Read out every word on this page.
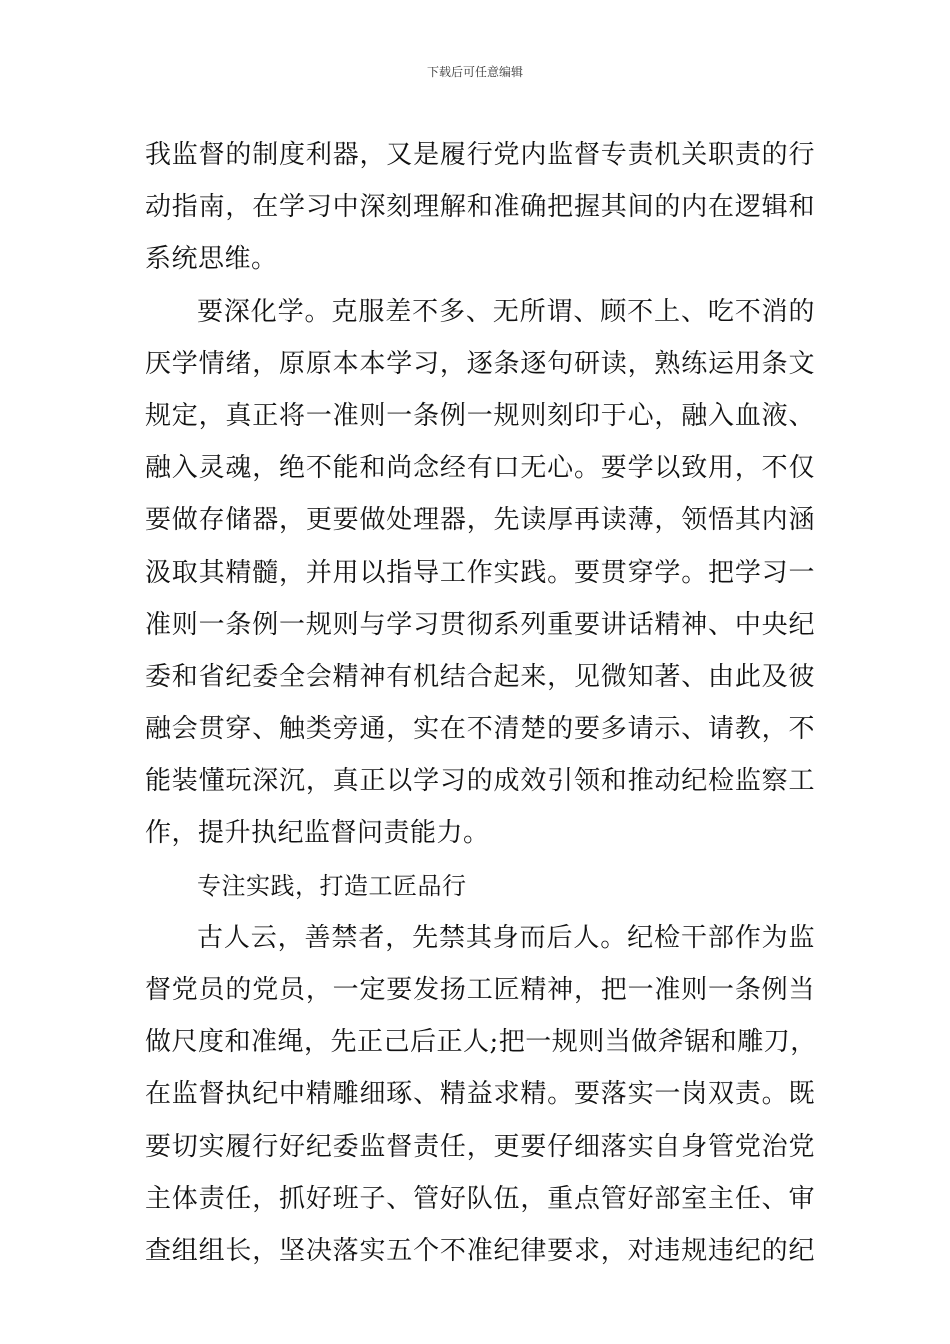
下载后可任意编辑
我监督的制度利器，又是履行党内监督专责机关职责的行
动指南，在学习中深刻理解和准确把握其间的内在逻辑和
系统思维。
要深化学。克服差不多、无所谓、顾不上、吃不消的
厌学情绪，原原本本学习，逐条逐句研读，熟练运用条文
规定，真正将一准则一条例一规则刻印于心，融入血液、
融入灵魂，绝不能和尚念经有口无心。要学以致用，不仅
要做存储器，更要做处理器，先读厚再读薄，领悟其内涵
汲取其精髓，并用以指导工作实践。要贯穿学。把学习一
准则一条例一规则与学习贯彻系列重要讲话精神、中央纪
委和省纪委全会精神有机结合起来，见微知著、由此及彼
融会贯穿、触类旁通，实在不清楚的要多请示、请教，不
能装懂玩深沉，真正以学习的成效引领和推动纪检监察工
作，提升执纪监督问责能力。
专注实践，打造工匠品行
古人云，善禁者，先禁其身而后人。纪检干部作为监
督党员的党员，一定要发扬工匠精神，把一准则一条例当
做尺度和准绳，先正己后正人;把一规则当做斧锯和雕刀，
在监督执纪中精雕细琢、精益求精。要落实一岗双责。既
要切实履行好纪委监督责任，更要仔细落实自身管党治党
主体责任，抓好班子、管好队伍，重点管好部室主任、审
查组组长，坚决落实五个不准纪律要求，对违规违纪的纪
